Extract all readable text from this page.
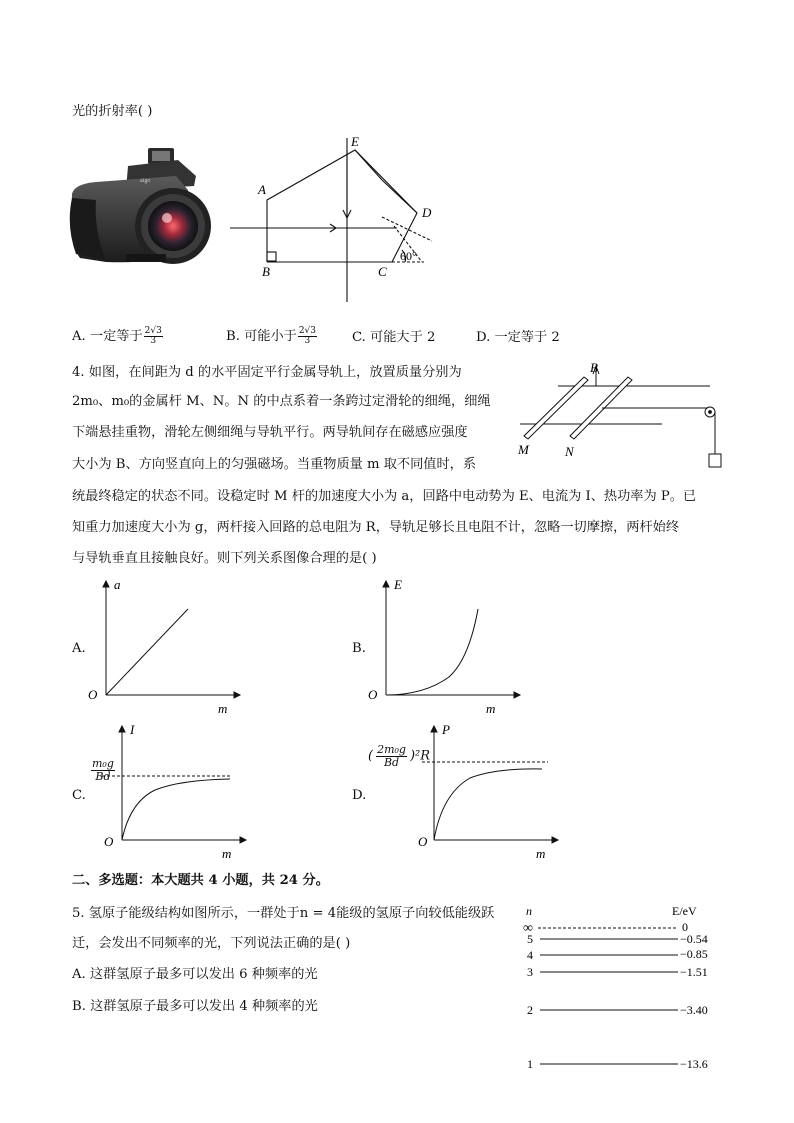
光的折射率( )
aigo
E
A
B	C
D
60°
A. 一定等于 $\frac{2√3}{3}$	B. 可能小于 $\frac{2√3}{3}$	C. 可能大于 2	D. 一定等于 2
4. 如图，在间距为 d 的水平固定平行金属导轨上，放置质量分别为
2m₀、m₀的金属杆 M、N。N 的中点系着一条跨过定滑轮的细绳，细绳
下端悬挂重物，滑轮左侧细绳与导轨平行。两导轨间存在磁感应强度
大小为 B、方向竖直向上的匀强磁场。当重物质量 m 取不同值时，系
统最终稳定的状态不同。设稳定时 M 杆的加速度大小为 a，回路中电动势为 E、电流为 I、热功率为 P。已
知重力加速度大小为 g，两杆接入回路的总电阻为 R，导轨足够长且电阻不计，忽略一切摩擦，两杆始终
与导轨垂直且接触良好。则下列关系图像合理的是( )
B
M	N
A.
a
m
O
B.
E
m
O
C.
$\frac{\text{m₀g}}{Bd}$
I
m
O
D.
( $\frac{\text{2m₀g}}{Bd} )^2R$
P
m
O
二、多选题：本大题共 4 小题，共 24 分。
5. 氢原子能级结构如图所示，一群处于n = 4能级的氢原子向较低能级跃
迁，会发出不同频率的光，下列说法正确的是( )
A. 这群氢原子最多可以发出 6 种频率的光
B. 这群氢原子最多可以发出 4 种频率的光
n	E/eV
∞
5
4
3
2
1
0
−0.54
−0.85
−1.51
−3.40
−13.6
